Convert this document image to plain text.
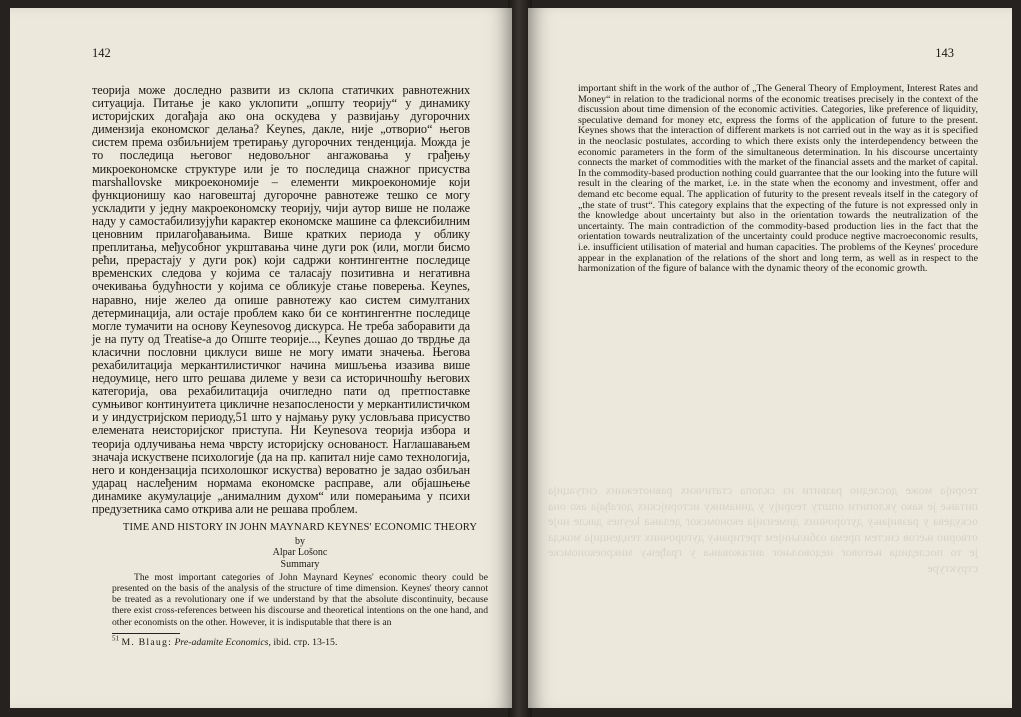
142
теорија може доследно развити из склопа статичких равнотежних ситуација. Питање је како уклопити „општу теорију“ у динамику историјских догађаја ако она оскудева у развијању дугорочних димензија економског делања? Keynes, дакле, није „отворио“ његов систем према озбиљнијем третирању дугорочних тенденција. Можда је то последица његовог недовољног ангажовања у грађењу микроекономске структуре или је то последица снажног присуства marshallovske микроекономије – елементи микроекономије који функционишу као наговештај дугорочне равнотеже тешко се могу усклaдити у једну макроекономску теорију, чији аутор више не полаже наду у самостабилизујући карактер економске машине са флексибилним ценовним прилагођавањима. Више кратких периода у облику преплитања, међусобног укрштавања чине дуги рок (или, могли бисмо рећи, прерастају у дуги рок) који садржи контингентне последице временских следова у којима се таласају позитивна и негативна очекивања будућности у којима се обликује стање поверења. Keynes, наравно, није желео да опише равнотежу као систем симултаних детерминација, али остаје проблем како би се контингентне последице могле тумачити на основу Keynesovog дискурса. Не треба заборавити да је на путу од Treatise-a до Општe теорије..., Keynes дошао до тврдње да класични пословни циклуси више не могу имати значења. Његова рехабилитација меркантилистичког начина мишљења изазива више недоумице, него што решава дилеме у вези са историчношћу његових категорија, ова рехабилитација очигледно пати од претпоставке сумњивог континуитета цикличне незапослености у меркантилистичком и у индустријском периоду,51 што у најмању руку условљава присуство елемената неисторијског приступа. Ни Keynesova теорија избора и теорија одлучивања нема чврсту историјску основаност. Наглашавањем значаја искуствене психологије (да на пр. капитал није само технологија, него и кондензација психолошког искуства) вероватно је задао озбиљан ударац наслеђеним нормама економске расправе, али објашњење динамике акумулације „анималним духом“ или померањима у психи предузетника само открива али не решава проблем.
TIME AND HISTORY IN JOHN MAYNARD KEYNES' ECONOMIC THEORY
by
Alpar Lošonc
Summary

The most important categories of John Maynard Keynes' economic theory could be presented on the basis of the analysis of the structure of time dimension. Keynes' theory cannot be treated as a revolutionary one if we understand by that the absolute discontinuity, because there exist cross-references between his discourse and theoretical intentions on the one hand, and other economists on the other. However, it is indisputable that there is an

$^{51}$ M. Blaug: Pre-adamite Economics, ibid. стр. 13-15.
143
important shift in the work of the author of „The General Theory of Employment, Interest Rates and Money“ in relation to the tradicional norms of the economic treatises precisely in the context of the discussion about time dimension of the economic activities. Categories, like preference of liquidity, speculative demand for money etc, express the forms of the application of future to the present. Keynes shows that the interaction of different markets is not carried out in the way as it is specified in the neoclasic postulates, according to which there exists only the interdependency between the economic parameters in the form of the simultaneous determination. In his discourse uncertainty connects the market of commodities with the market of the financial assets and the market of capital. In the commodity-based production nothing could guarrantee that the our looking into the future will result in the clearing of the market, i.e. in the state when the economy and investment, offer and demand etc become equal. The application of futurity to the present reveals itself in the category of „the state of trust“. This category explains that the expecting of the future is not expressed only in the knowledge about uncertainty but also in the orientation towards the neutralization of the uncertainty. The main contradiction of the commodity-based production lies in the fact that the orientation towards neutralization of the uncertainty could produce negtive macroeconomic results, i.e. insufficient utilisation of material and human capacities. The problems of the Keynes' procedure appear in the explanation of the relations of the short and long term, as well as in respect to the harmonization of the figure of balance with the dynamic theory of the economic growth.
теорија може доследно развити из склопа статичких равнотежних ситуација питање је како уклопити општу теорију у динамику историјских догађаја ако она оскудева у развијању дугорочних димензија економског делања keynes дакле није отворио његов систем према озбиљнијем третирању дугорочних тенденција можда је то последица његовог недовољног ангажовања у грађењу микроекономске структуре
